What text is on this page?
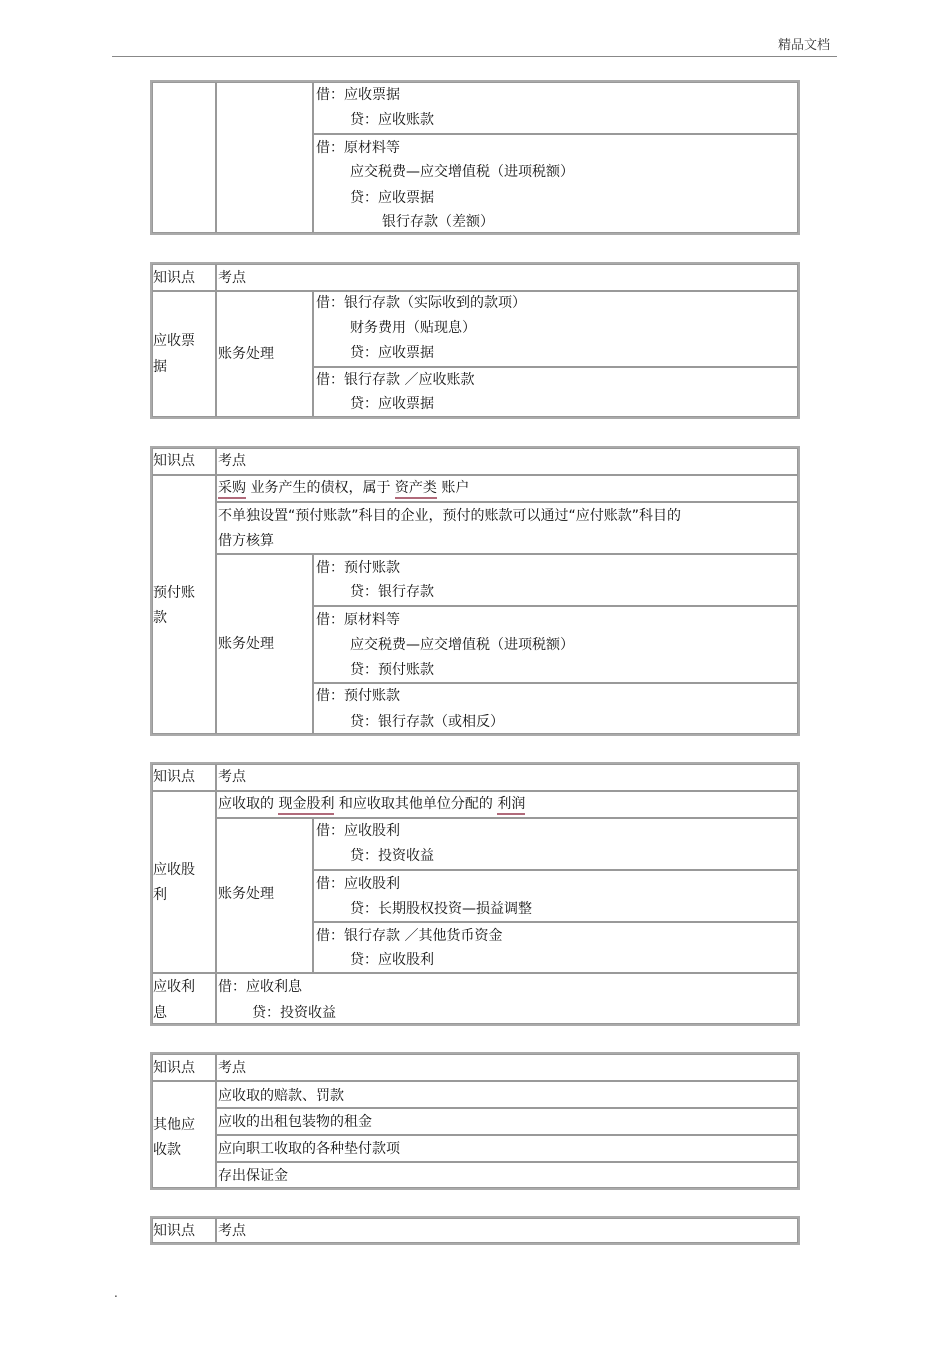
精品文档
借：应收票据
贷：应收账款
借：原材料等
应交税费—应交增值税（进项税额）
贷：应收票据
银行存款（差额）
知识点 考点
应收票
据
账务处理
借：银行存款（实际收到的款项）
财务费用（贴现息）
贷：应收票据
借：银行存款 ／应收账款
贷：应收票据
知识点 考点
预付账
款
采购 业务产生的债权，属于 资产类 账户
不单独设置“预付账款”科目的企业，预付的账款可以通过“应付账款”科目的
借方核算
账务处理
借：预付账款
贷：银行存款
借：原材料等
应交税费—应交增值税（进项税额）
贷：预付账款
借：预付账款
贷：银行存款（或相反）
知识点 考点
应收股
利
应收取的 现金股利 和应收取其他单位分配的 利润
账务处理
借：应收股利
贷：投资收益
借：应收股利
贷：长期股权投资—损益调整
借：银行存款 ／其他货币资金
贷：应收股利
应收利
息
借：应收利息
贷：投资收益
知识点 考点
其他应
收款
应收取的赔款、罚款
应收的出租包装物的租金
应向职工收取的各种垫付款项
存出保证金
知识点 考点
.
